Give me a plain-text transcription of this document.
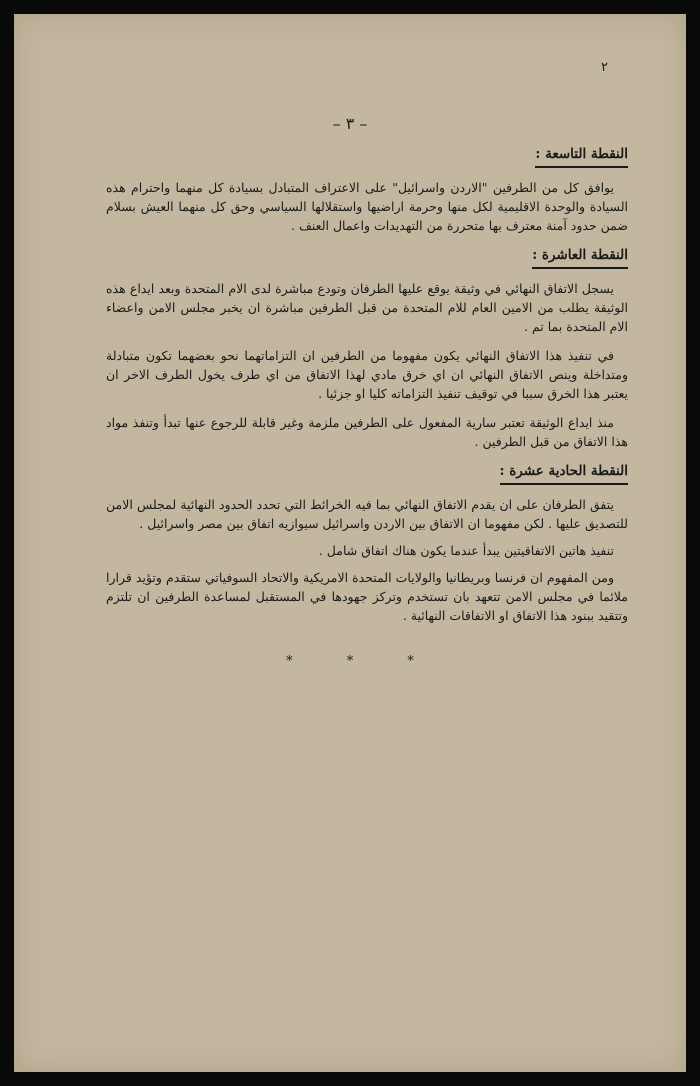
٢
– ٣ –
النقطة التاسعة :

يوافق كل من الطرفين "الاردن واسرائيل" على الاعتراف المتبادل بسيادة كل منهما واحترام هذه السيادة والوحدة الاقليمية لكل منها وحرمة اراضيها واستقلالها السياسي وحق كل منهما العيش بسلام ضمن حدود آمنة معترف بها متحررة من التهديدات واعمال العنف .

النقطة العاشرة :

يسجل الاتفاق النهائي في وثيقة يوقع عليها الطرفان وتودع مباشرة لدى الام المتحدة وبعد ايداع هذه الوثيقة يطلب من الامين العام للام المتحدة من قبل الطرفين مباشرة ان يخبر مجلس الامن واعضاء الام المتحدة بما تم .

في تنفيذ هذا الاتفاق النهائي يكون مفهوما من الطرفين ان التزاماتهما نحو بعضهما تكون متبادلة ومتداخلة وينص الاتفاق النهائي ان اي خرق مادي لهذا الاتفاق من اي طرف يخول الطرف الاخر ان يعتبر هذا الخرق سببا في توقيف تنفيذ التزاماته كليا او جزئيا .

منذ ايداع الوثيقة تعتبر سارية المفعول على الطرفين ملزمة وغير قابلة للرجوع عنها تبدأ وتنفذ مواد هذا الاتفاق من قبل الطرفين .

النقطة الحادية عشرة :

يتفق الطرفان على ان يقدم الاتفاق النهائي بما فيه الخرائط التي تحدد الحدود النهائية لمجلس الامن للتصديق عليها . لكن مفهوما ان الاتفاق بين الاردن واسرائيل سيوازيه اتفاق بين مصر واسرائيل .

تنفيذ هاتين الاتفاقيتين يبدأ عندما يكون هناك اتفاق شامل .

ومن المفهوم ان فرنسا وبريطانيا والولايات المتحدة الامريكية والاتحاد السوفياتي ستقدم وتؤيد قرارا ملائما في مجلس الامن تتعهد بان تستخدم وتركز جهودها في المستقبل لمساعدة الطرفين ان تلتزم وتتقيد ببنود هذا الاتفاق او الاتفاقات النهائية .

* * *
